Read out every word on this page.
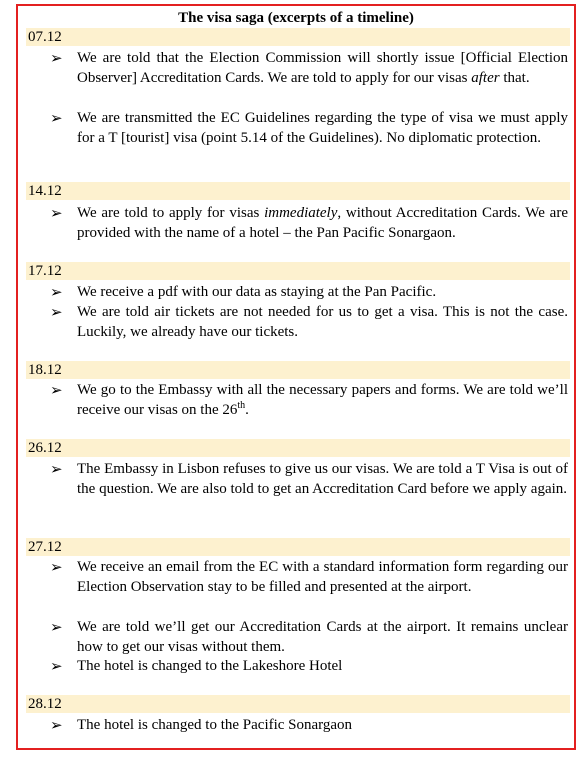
The visa saga (excerpts of a timeline)
07.12
➢ We are told that the Election Commission will shortly issue [Official Election Observer] Accreditation Cards. We are told to apply for our visas after that.
➢ We are transmitted the EC Guidelines regarding the type of visa we must apply for a T [tourist] visa (point 5.14 of the Guidelines). No diplomatic protection.
14.12
➢ We are told to apply for visas immediately, without Accreditation Cards. We are provided with the name of a hotel – the Pan Pacific Sonargaon.
17.12
➢ We receive a pdf with our data as staying at the Pan Pacific.
➢ We are told air tickets are not needed for us to get a visa. This is not the case. Luckily, we already have our tickets.
18.12
➢ We go to the Embassy with all the necessary papers and forms. We are told we’ll receive our visas on the 26th.
26.12
➢ The Embassy in Lisbon refuses to give us our visas. We are told a T Visa is out of the question. We are also told to get an Accreditation Card before we apply again.
27.12
➢ We receive an email from the EC with a standard information form regarding our Election Observation stay to be filled and presented at the airport.
➢ We are told we’ll get our Accreditation Cards at the airport. It remains unclear how to get our visas without them.
➢ The hotel is changed to the Lakeshore Hotel
28.12
➢ The hotel is changed to the Pacific Sonargaon
